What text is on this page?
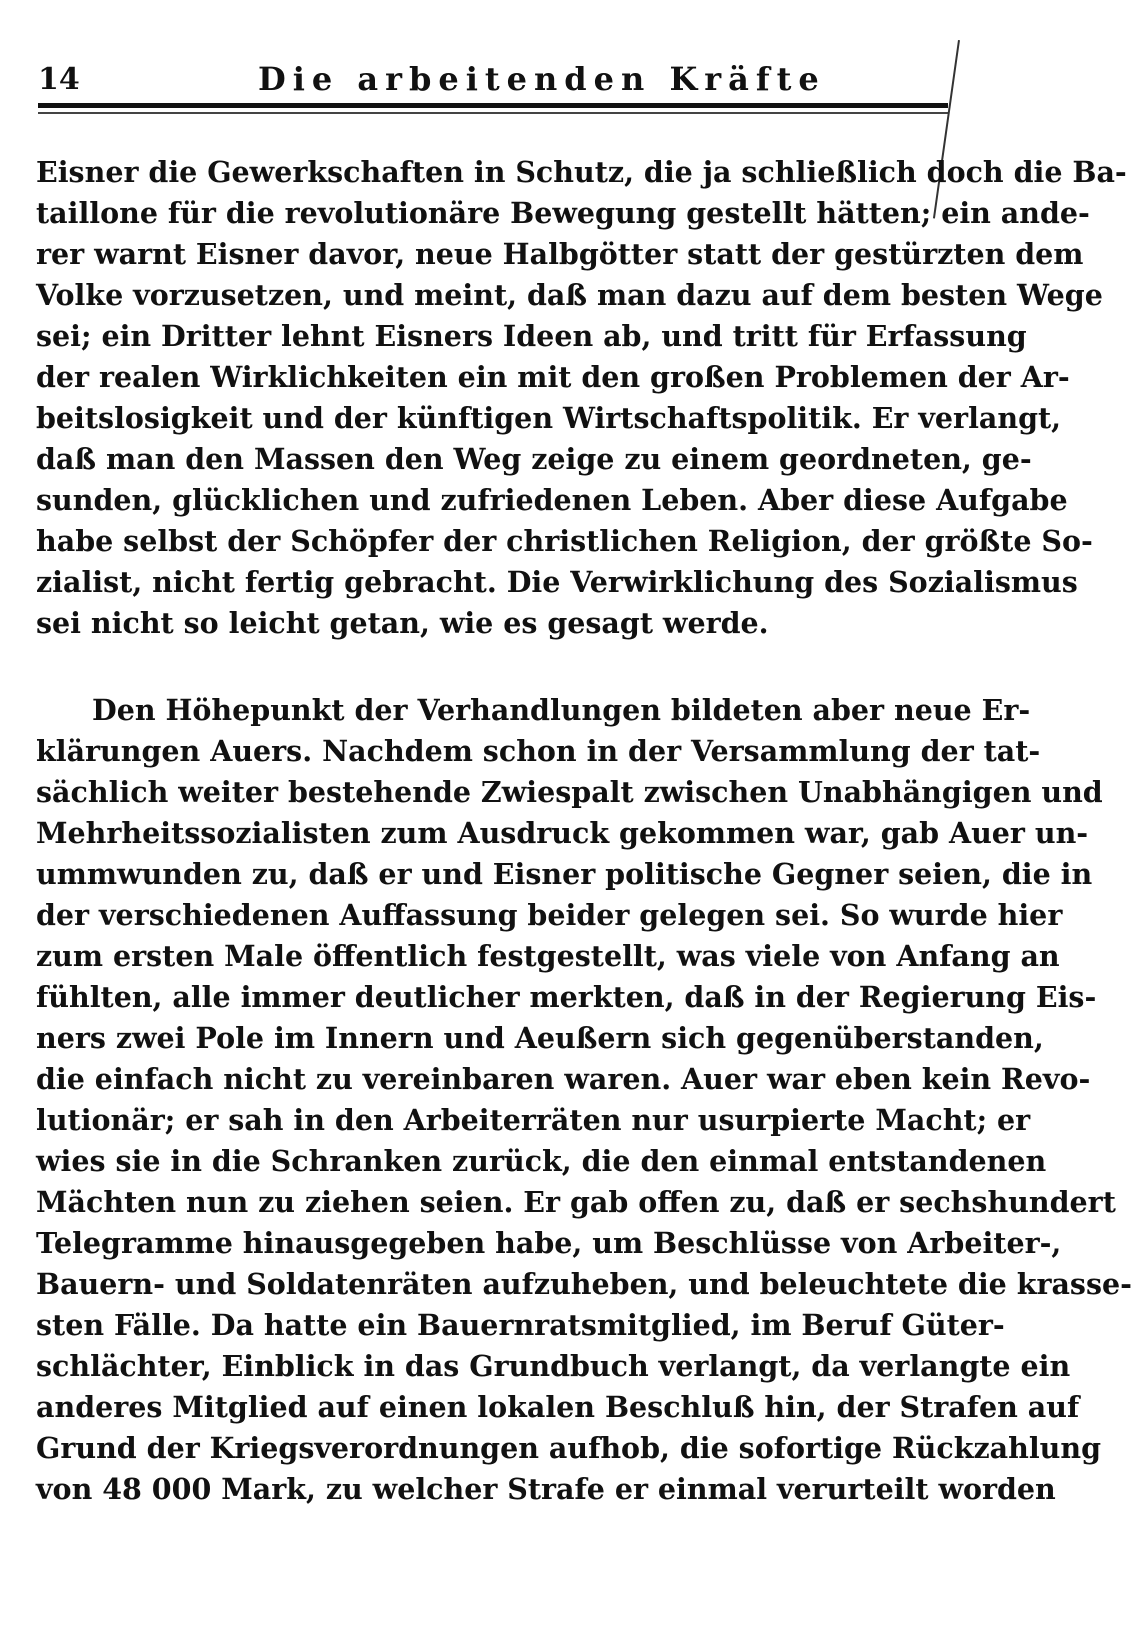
14	Die arbeitenden Kräfte
Eisner die Gewerkschaften in Schutz, die ja schließlich doch die Ba-
taillone für die revolutionäre Bewegung gestellt hätten; ein ande-
rer warnt Eisner davor, neue Halbgötter statt der gestürzten dem
Volke vorzusetzen, und meint, daß man dazu auf dem besten Wege
sei; ein Dritter lehnt Eisners Ideen ab, und tritt für Erfassung
der realen Wirklichkeiten ein mit den großen Problemen der Ar-
beitslosigkeit und der künftigen Wirtschaftspolitik. Er verlangt,
daß man den Massen den Weg zeige zu einem geordneten, ge-
sunden, glücklichen und zufriedenen Leben. Aber diese Aufgabe
habe selbst der Schöpfer der christlichen Religion, der größte So-
zialist, nicht fertig gebracht. Die Verwirklichung des Sozialismus
sei nicht so leicht getan, wie es gesagt werde.
Den Höhepunkt der Verhandlungen bildeten aber neue Er-
klärungen Auers. Nachdem schon in der Versammlung der tat-
sächlich weiter bestehende Zwiespalt zwischen Unabhängigen und
Mehrheitssozialisten zum Ausdruck gekommen war, gab Auer un-
ummwunden zu, daß er und Eisner politische Gegner seien, die in
der verschiedenen Auffassung beider gelegen sei. So wurde hier
zum ersten Male öffentlich festgestellt, was viele von Anfang an
fühlten, alle immer deutlicher merkten, daß in der Regierung Eis-
ners zwei Pole im Innern und Aeußern sich gegenüberstanden,
die einfach nicht zu vereinbaren waren. Auer war eben kein Revo-
lutionär; er sah in den Arbeiterräten nur usurpierte Macht; er
wies sie in die Schranken zurück, die den einmal entstandenen
Mächten nun zu ziehen seien. Er gab offen zu, daß er sechshundert
Telegramme hinausgegeben habe, um Beschlüsse von Arbeiter-,
Bauern- und Soldatenräten aufzuheben, und beleuchtete die krasse-
sten Fälle. Da hatte ein Bauernratsmitglied, im Beruf Güter-
schlächter, Einblick in das Grundbuch verlangt, da verlangte ein
anderes Mitglied auf einen lokalen Beschluß hin, der Strafen auf
Grund der Kriegsverordnungen aufhob, die sofortige Rückzahlung
von 48 000 Mark, zu welcher Strafe er einmal verurteilt worden
